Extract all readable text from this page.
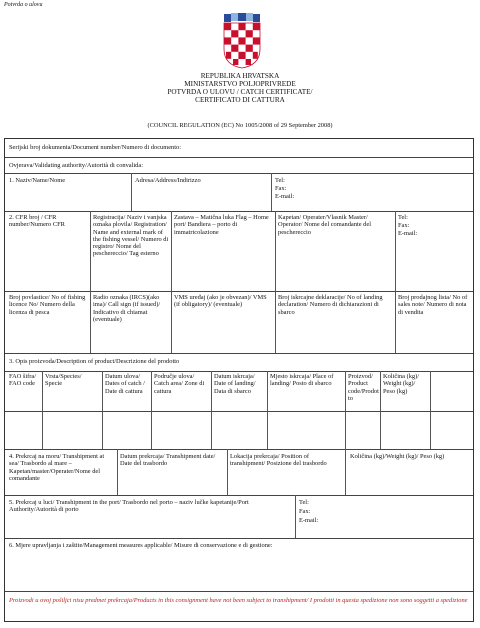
Potvrda o ulovu
REPUBLIKA HRVATSKA
MINISTARSTVO POLJOPRIVREDE
POTVRDA O ULOVU / CATCH CERTIFICATE/
CERTIFICATO DI CATTURA
(COUNCIL REGULATION (EC) No 1005/2008 of 29 September 2008)
Serijski broj dokumenta/Document number/Numero di documento:
Ovjerava/Validating authority/Autorità di convalida:
1. Naziv/Name/Nome	Adresa/Address/Indirizzo	Tel:
Fax:
E-mail:
2. CFR broj / CFR number/Numero CFR
Registracija/ Naziv i vanjska oznaka plovila/ Registration/ Name and external mark of the fishing vessel/ Numero di registro/ Nome del peschereccio/ Tag esterno
Zastava – Matična luka Flag – Home port/ Bandiera – porto di immatricolazione
Kapetan/ Operater/Vlasnik Master/ Operator/ Nome del comandante del peschereccio
Tel:
Fax:
E-mail:
Broj povlastice/ No of fishing licence No/ Numero della licenza di pesca
Radio oznaka (IRCS)(ako ima)/ Call sign (if issued)/ Indicativo di chiamat (eventuale)
VMS uređaj (ako je obvezan)/ VMS (if obligatory)/ (eventuale)
Broj iskrcajne deklaracije/ No of landing declaration/ Numero di dichiarazioni di sbarco
Broj prodajnog lista/ No of sales note/ Numero di nota di vendita
3. Opis proizvoda/Description of product/Descrizione del prodotto
FAO šifra/ FAO code
Vrsta/Species/ Specie
Datum ulova/ Dates of catch / Date di cattura
Područje ulova/ Catch area/ Zone di cattura
Datum iskrcaja/ Date of landing/ Data di sbarco
Mjesto iskrcaja/ Place of landing/ Posto di sbarco
Proizvod/ Product code/Prodot to
Količina (kg)/ Weight (kg)/ Peso (kg)
4. Prekrcaj na moru/ Transhipment at sea/ Trasbordo al mare – Kapetan/master/Operater/Nome del comandante
Datum prekrcaja/ Transhipment date/ Date del trasbordo
Lokacija prekrcaja/ Position of transhipment/ Posizione del trasbordo
Količina (kg)/Weight (kg)/ Peso (kg)
5. Prekrcaj u luci/ Transhipment in the port/ Trasbordo nel porto – naziv lučke kapetanije/Port Authority/Autorità di porto
Tel:
Fax:
E-mail:
6. Mjere upravljanja i zaštite/Management measures applicable/ Misure di conservazione e di gestione:
Proizvodi u ovoj pošiljci nisu predmet prekrcaja/Products in this consignment have not been subject to transhipment/ I prodotti in questa spedizione non sono soggetti a spedizione
